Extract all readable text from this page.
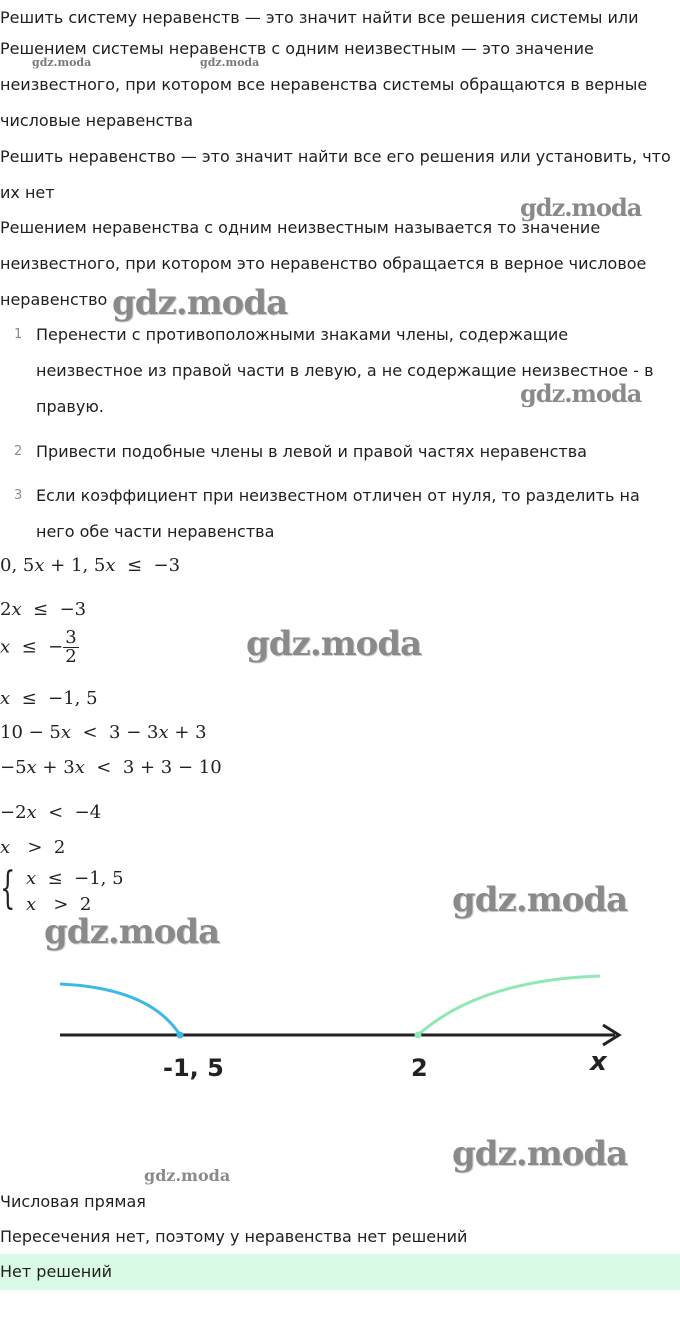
Решить систему неравенств — это значит найти все решения системы или

Решением системы неравенств с одним неизвестным — это значение неизвестного, при котором все неравенства системы обращаются в верные числовые неравенства

Решить неравенство — это значит найти все его решения или установить, что их нет

Решением неравенства с одним неизвестным называется то значение неизвестного, при котором это неравенство обращается в верное числовое неравенство

1 Перенести с противоположными знаками члены, содержащие неизвестное из правой части в левую, а не содержащие неизвестное - в правую.

2 Привести подобные члены в левой и правой частях неравенства

3 Если коэффициент при неизвестном отличен от нуля, то разделить на него обе части неравенства

0, 5x + 1, 5x  ≤  −3
2x  ≤  −3
x  ≤  − $\frac{3}{2}$
x  ≤  −1, 5
10 − 5x  <  3 − 3x + 3
−5x + 3x  <  3 + 3 − 10
−2x  <  −4
x   >  2
{ x  ≤  −1, 5
x   >  2
-1, 5	2	x

Числовая прямая

Пересечения нет, поэтому у неравенства нет решений

Нет решений
gdz.moda	gdz.moda
gdz.moda
gdz.moda
gdz.moda
gdz.moda
gdz.moda
gdz.moda
gdz.moda
gdz.moda
